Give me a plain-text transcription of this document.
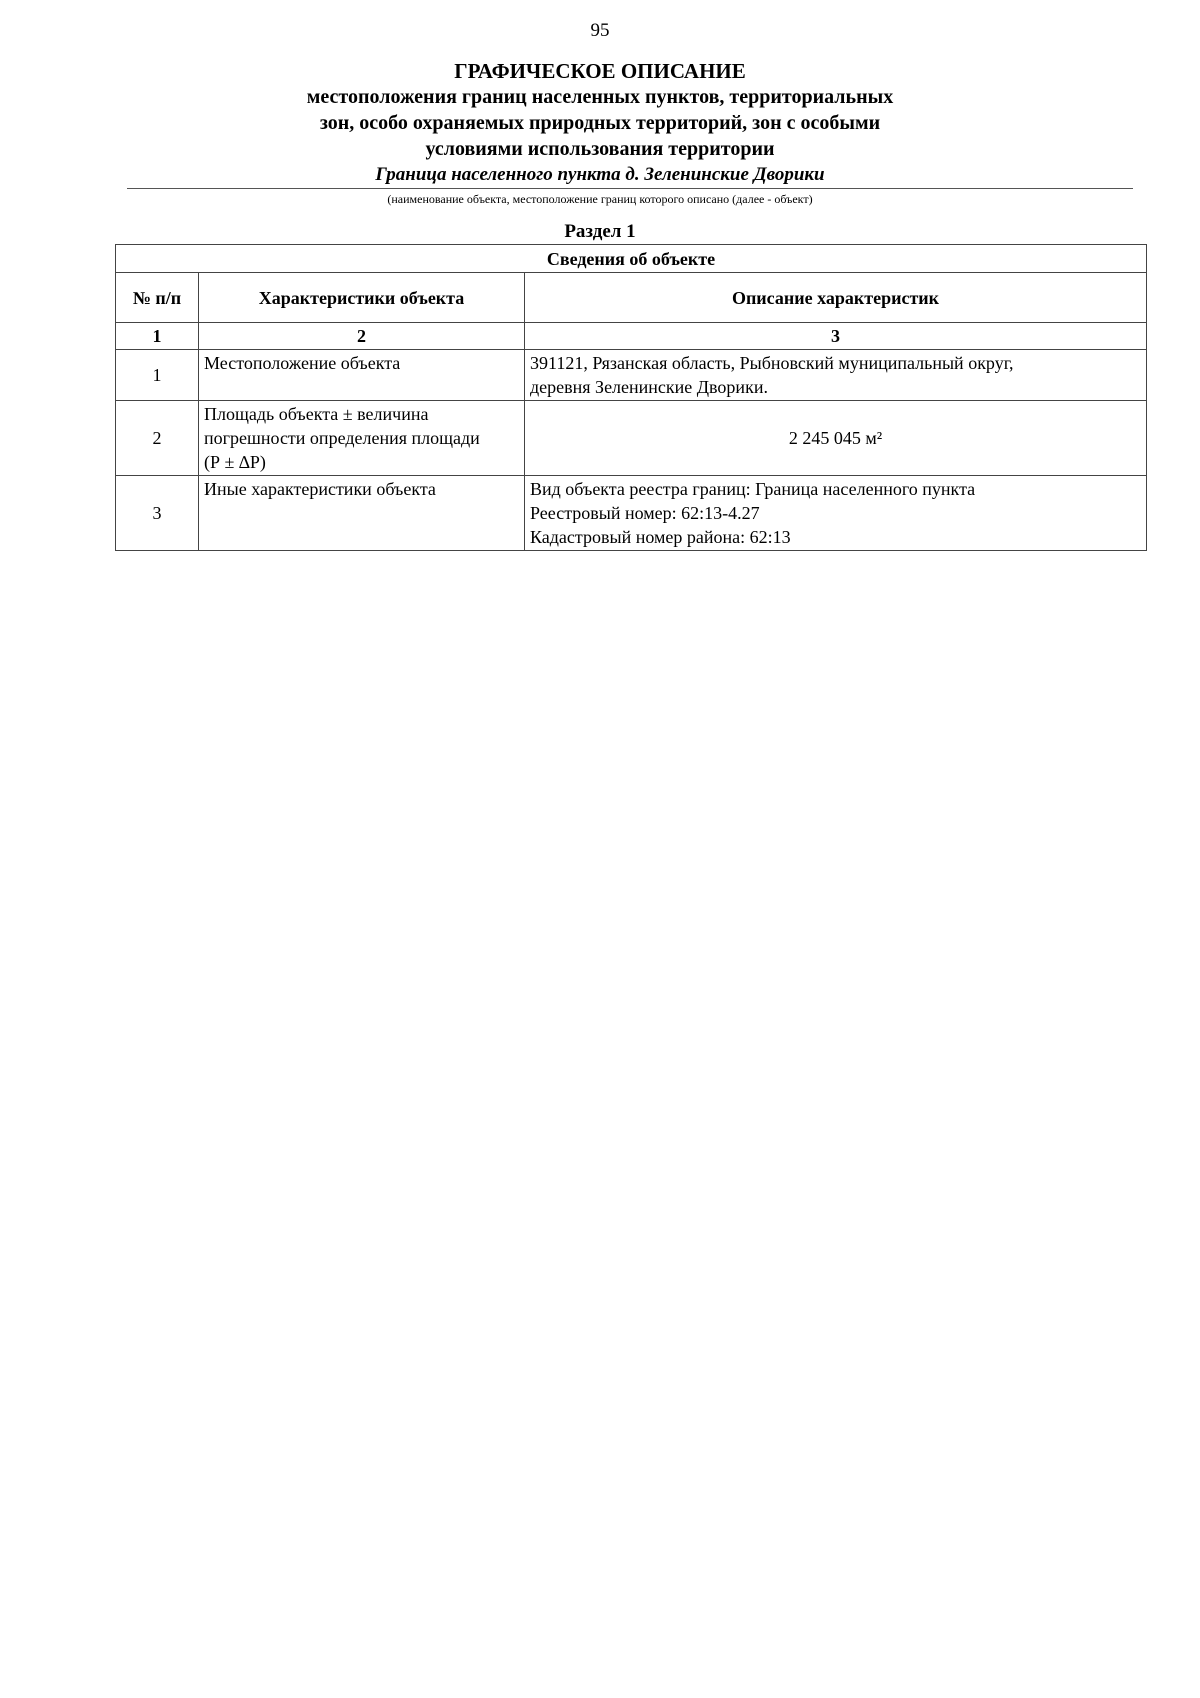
95
ГРАФИЧЕСКОЕ ОПИСАНИЕ
местоположения границ населенных пунктов, территориальных
зон, особо охраняемых природных территорий, зон с особыми
условиями использования территории
Граница населенного пункта д. Зеленинские Дворики
(наименование объекта, местоположение границ которого описано (далее - объект)
Раздел 1
Сведения об объекте		
№ п/п	Характеристики объекта	Описание характеристик
1	2	3
1	Местоположение объекта	391121, Рязанская область, Рыбновский муниципальный округ,
деревня Зеленинские Дворики.

2	Площадь объекта ± величина
погрешности определения площади
(Р ± ∆Р)	2 245 045 м²
3	Иные характеристики объекта	Вид объекта реестра границ: Граница населенного пункта
Реестровый номер: 62:13-4.27
Кадастровый номер района: 62:13
